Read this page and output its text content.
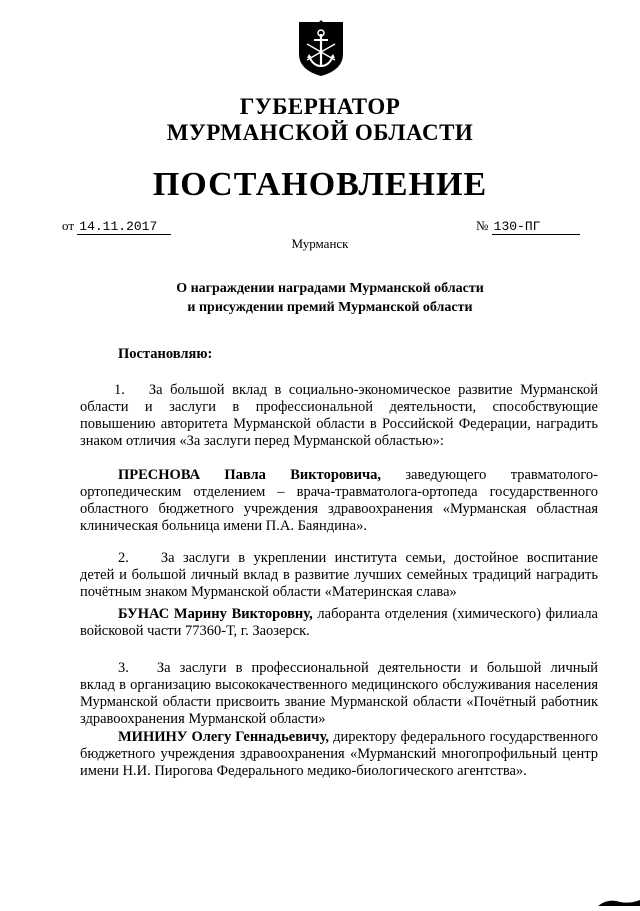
ГУБЕРНАТОР
МУРМАНСКОЙ ОБЛАСТИ
ПОСТАНОВЛЕНИЕ
от 14.11.2017	№ 130-ПГ
Мурманск
О награждении наградами Мурманской области
и присуждении премий Мурманской области
Постановляю:
1. За большой вклад в социально-экономическое развитие Мурманской области и заслуги в профессиональной деятельности, способствующие повышению авторитета Мурманской области в Российской Федерации, наградить знаком отличия «За заслуги перед Мурманской областью»:
ПРЕСНОВА Павла Викторовича, заведующего травматолого-ортопедическим отделением – врача-травматолога-ортопеда государственного областного бюджетного учреждения здравоохранения «Мурманская областная клиническая больница имени П.А. Баяндина».
2. За заслуги в укреплении института семьи, достойное воспитание детей и большой личный вклад в развитие лучших семейных традиций наградить почётным знаком Мурманской области «Материнская слава»
БУНАС Марину Викторовну, лаборанта отделения (химического) филиала войсковой части 77360-Т, г. Заозерск.
3. За заслуги в профессиональной деятельности и большой личный вклад в организацию высококачественного медицинского обслуживания населения Мурманской области присвоить звание Мурманской области «Почётный работник здравоохранения Мурманской области»
МИНИНУ Олегу Геннадьевичу, директору федерального государственного бюджетного учреждения здравоохранения «Мурманский многопрофильный центр имени Н.И. Пирогова Федерального медико-биологического агентства».
